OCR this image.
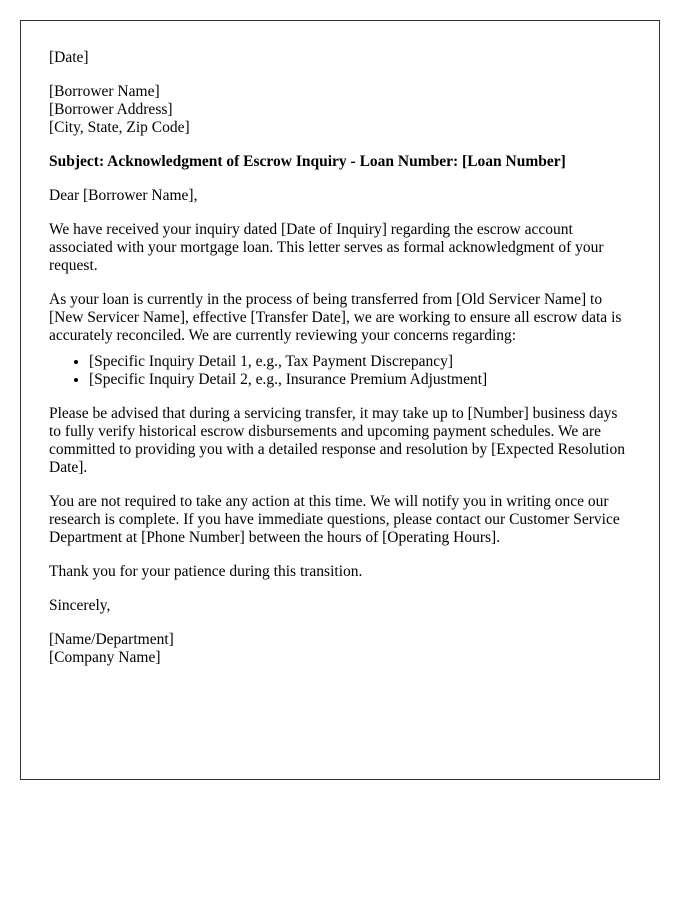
[Date]
[Borrower Name]
[Borrower Address]
[City, State, Zip Code]

Subject: Acknowledgment of Escrow Inquiry - Loan Number: [Loan Number]

Dear [Borrower Name],

We have received your inquiry dated [Date of Inquiry] regarding the escrow account associated with your mortgage loan. This letter serves as formal acknowledgment of your request.

As your loan is currently in the process of being transferred from [Old Servicer Name] to [New Servicer Name], effective [Transfer Date], we are working to ensure all escrow data is accurately reconciled. We are currently reviewing your concerns regarding:

• [Specific Inquiry Detail 1, e.g., Tax Payment Discrepancy]
• [Specific Inquiry Detail 2, e.g., Insurance Premium Adjustment]

Please be advised that during a servicing transfer, it may take up to [Number] business days to fully verify historical escrow disbursements and upcoming payment schedules. We are committed to providing you with a detailed response and resolution by [Expected Resolution Date].

You are not required to take any action at this time. We will notify you in writing once our research is complete. If you have immediate questions, please contact our Customer Service Department at [Phone Number] between the hours of [Operating Hours].

Thank you for your patience during this transition.

Sincerely,

[Name/Department]
[Company Name]
